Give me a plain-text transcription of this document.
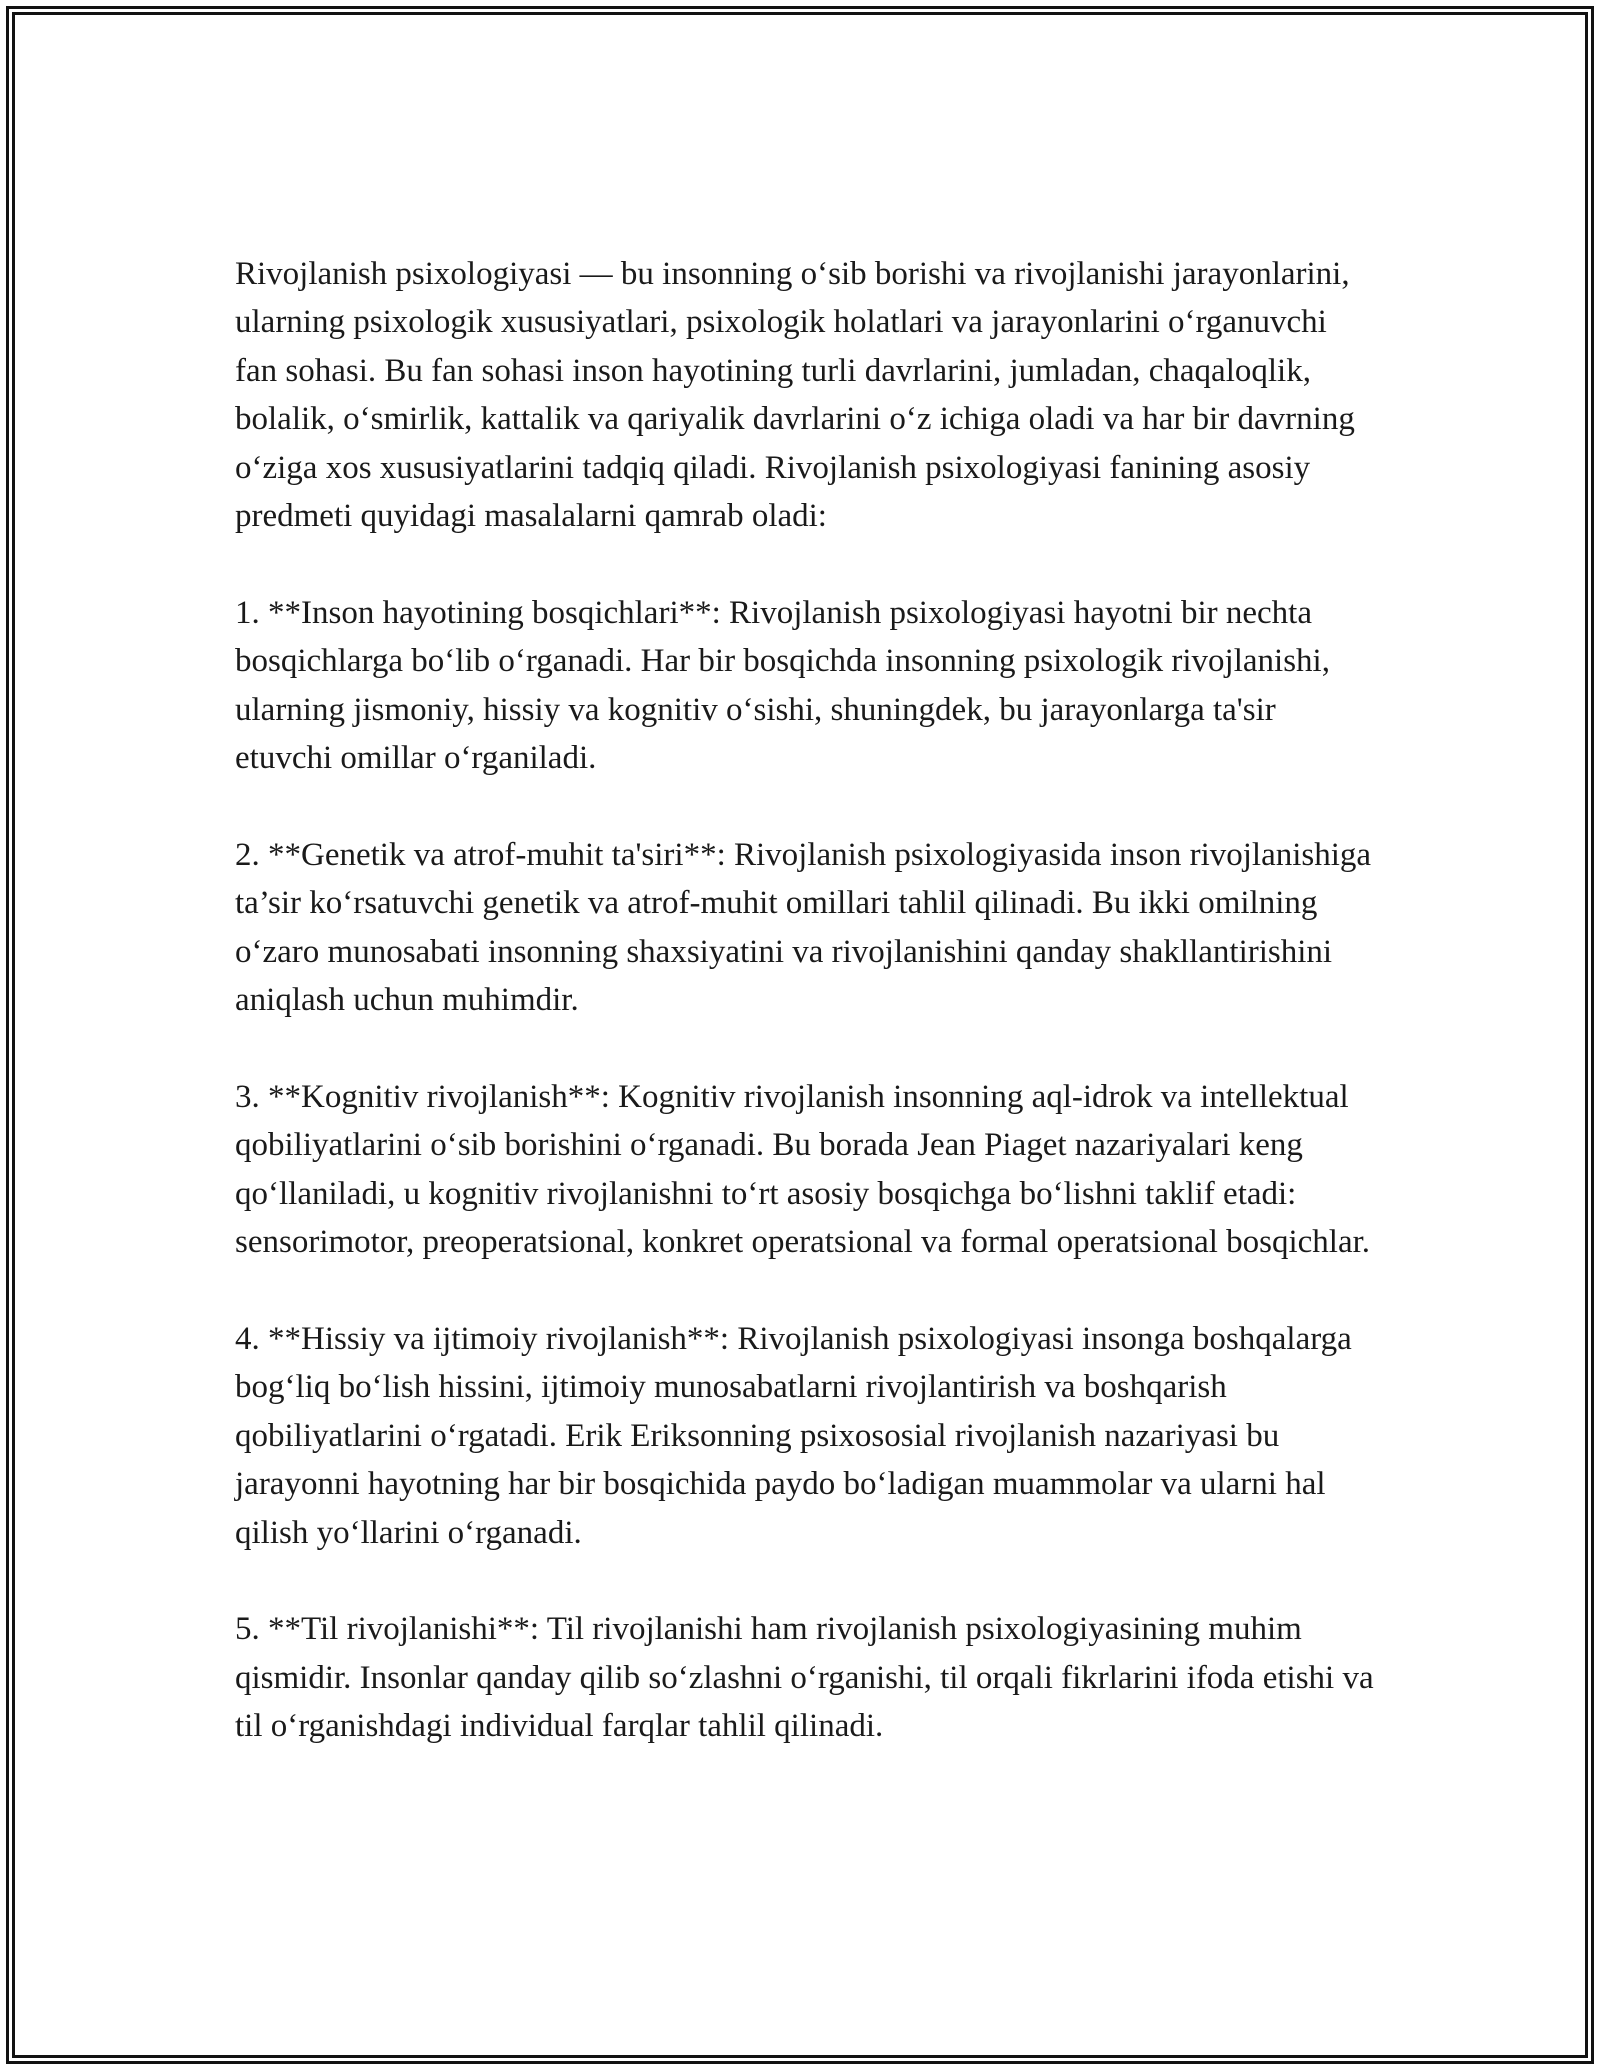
Rivojlanish psixologiyasi — bu insonning o‘sib borishi va rivojlanishi jarayonlarini, ularning psixologik xususiyatlari, psixologik holatlari va jarayonlarini o‘rganuvchi fan sohasi. Bu fan sohasi inson hayotining turli davrlarini, jumladan, chaqaloqlik, bolalik, o‘smirlik, kattalik va qariyalik davrlarini o‘z ichiga oladi va har bir davrning o‘ziga xos xususiyatlarini tadqiq qiladi. Rivojlanish psixologiyasi fanining asosiy predmeti quyidagi masalalarni qamrab oladi:

1. **Inson hayotining bosqichlari**: Rivojlanish psixologiyasi hayotni bir nechta bosqichlarga bo‘lib o‘rganadi. Har bir bosqichda insonning psixologik rivojlanishi, ularning jismoniy, hissiy va kognitiv o‘sishi, shuningdek, bu jarayonlarga ta'sir etuvchi omillar o‘rganiladi.

2. **Genetik va atrof-muhit ta'siri**: Rivojlanish psixologiyasida inson rivojlanishiga ta’sir ko‘rsatuvchi genetik va atrof-muhit omillari tahlil qilinadi. Bu ikki omilning o‘zaro munosabati insonning shaxsiyatini va rivojlanishini qanday shakllantirishini aniqlash uchun muhimdir.

3. **Kognitiv rivojlanish**: Kognitiv rivojlanish insonning aql-idrok va intellektual qobiliyatlarini o‘sib borishini o‘rganadi. Bu borada Jean Piaget nazariyalari keng qo‘llaniladi, u kognitiv rivojlanishni to‘rt asosiy bosqichga bo‘lishni taklif etadi: sensorimotor, preoperatsional, konkret operatsional va formal operatsional bosqichlar.

4. **Hissiy va ijtimoiy rivojlanish**: Rivojlanish psixologiyasi insonga boshqalarga bog‘liq bo‘lish hissini, ijtimoiy munosabatlarni rivojlantirish va boshqarish qobiliyatlarini o‘rgatadi. Erik Eriksonning psixososial rivojlanish nazariyasi bu jarayonni hayotning har bir bosqichida paydo bo‘ladigan muammolar va ularni hal qilish yo‘llarini o‘rganadi.

5. **Til rivojlanishi**: Til rivojlanishi ham rivojlanish psixologiyasining muhim qismidir. Insonlar qanday qilib so‘zlashni o‘rganishi, til orqali fikrlarini ifoda etishi va til o‘rganishdagi individual farqlar tahlil qilinadi.
